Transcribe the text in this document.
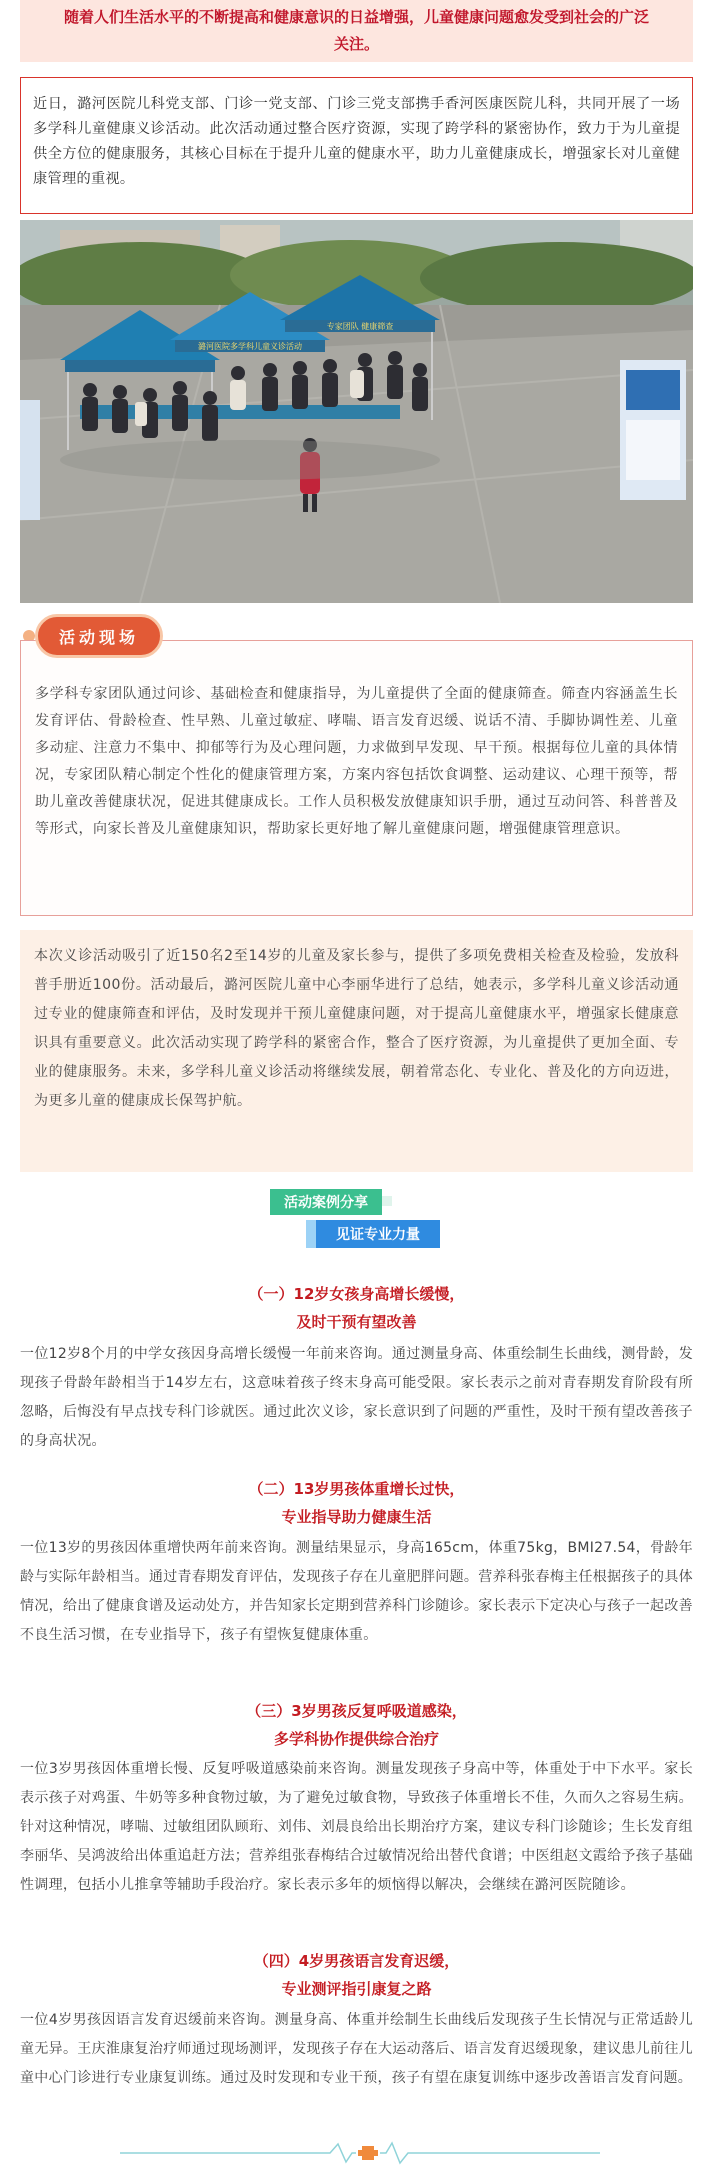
随着人们生活水平的不断提高和健康意识的日益增强，儿童健康问题愈发受到社会的广泛关注。

近日，潞河医院儿科党支部、门诊一党支部、门诊三党支部携手香河医康医院儿科，共同开展了一场多学科儿童健康义诊活动。此次活动通过整合医疗资源，实现了跨学科的紧密协作，致力于为儿童提供全方位的健康服务，其核心目标在于提升儿童的健康水平，助力儿童健康成长，增强家长对儿童健康管理的重视。

潞河医院多学科儿童义诊活动
专家团队 健康筛查

多学科专家团队通过问诊、基础检查和健康指导，为儿童提供了全面的健康筛查。筛查内容涵盖生长发育评估、骨龄检查、性早熟、儿童过敏症、哮喘、语言发育迟缓、说话不清、手脚协调性差、儿童多动症、注意力不集中、抑郁等行为及心理问题，力求做到早发现、早干预。根据每位儿童的具体情况，专家团队精心制定个性化的健康管理方案，方案内容包括饮食调整、运动建议、心理干预等，帮助儿童改善健康状况，促进其健康成长。工作人员积极发放健康知识手册，通过互动问答、科普普及等形式，向家长普及儿童健康知识，帮助家长更好地了解儿童健康问题，增强健康管理意识。

活动现场

本次义诊活动吸引了近150名2至14岁的儿童及家长参与，提供了多项免费相关检查及检验，发放科普手册近100份。活动最后，潞河医院儿童中心李丽华进行了总结，她表示，多学科儿童义诊活动通过专业的健康筛查和评估，及时发现并干预儿童健康问题，对于提高儿童健康水平，增强家长健康意识具有重要意义。此次活动实现了跨学科的紧密合作，整合了医疗资源，为儿童提供了更加全面、专业的健康服务。未来，多学科儿童义诊活动将继续发展，朝着常态化、专业化、普及化的方向迈进，为更多儿童的健康成长保驾护航。

活动案例分享
见证专业力量
（一）12岁女孩身高增长缓慢，
及时干预有望改善

一位12岁8个月的中学女孩因身高增长缓慢一年前来咨询。通过测量身高、体重绘制生长曲线，测骨龄，发现孩子骨龄年龄相当于14岁左右，这意味着孩子终末身高可能受限。家长表示之前对青春期发育阶段有所忽略，后悔没有早点找专科门诊就医。通过此次义诊，家长意识到了问题的严重性，及时干预有望改善孩子的身高状况。

（二）13岁男孩体重增长过快，
专业指导助力健康生活

一位13岁的男孩因体重增快两年前来咨询。测量结果显示，身高165cm，体重75kg，BMI27.54，骨龄年龄与实际年龄相当。通过青春期发育评估，发现孩子存在儿童肥胖问题。营养科张春梅主任根据孩子的具体情况，给出了健康食谱及运动处方，并告知家长定期到营养科门诊随诊。家长表示下定决心与孩子一起改善不良生活习惯，在专业指导下，孩子有望恢复健康体重。

（三）3岁男孩反复呼吸道感染，
多学科协作提供综合治疗

一位3岁男孩因体重增长慢、反复呼吸道感染前来咨询。测量发现孩子身高中等，体重处于中下水平。家长表示孩子对鸡蛋、牛奶等多种食物过敏，为了避免过敏食物，导致孩子体重增长不佳，久而久之容易生病。针对这种情况，哮喘、过敏组团队顾珩、刘伟、刘晨良给出长期治疗方案，建议专科门诊随诊；生长发育组李丽华、吴鸿波给出体重追赶方法；营养组张春梅结合过敏情况给出替代食谱；中医组赵文霞给予孩子基础性调理，包括小儿推拿等辅助手段治疗。家长表示多年的烦恼得以解决，会继续在潞河医院随诊。

（四）4岁男孩语言发育迟缓，
专业测评指引康复之路

一位4岁男孩因语言发育迟缓前来咨询。测量身高、体重并绘制生长曲线后发现孩子生长情况与正常适龄儿童无异。王庆淮康复治疗师通过现场测评，发现孩子存在大运动落后、语言发育迟缓现象，建议患儿前往儿童中心门诊进行专业康复训练。通过及时发现和专业干预，孩子有望在康复训练中逐步改善语言发育问题。
